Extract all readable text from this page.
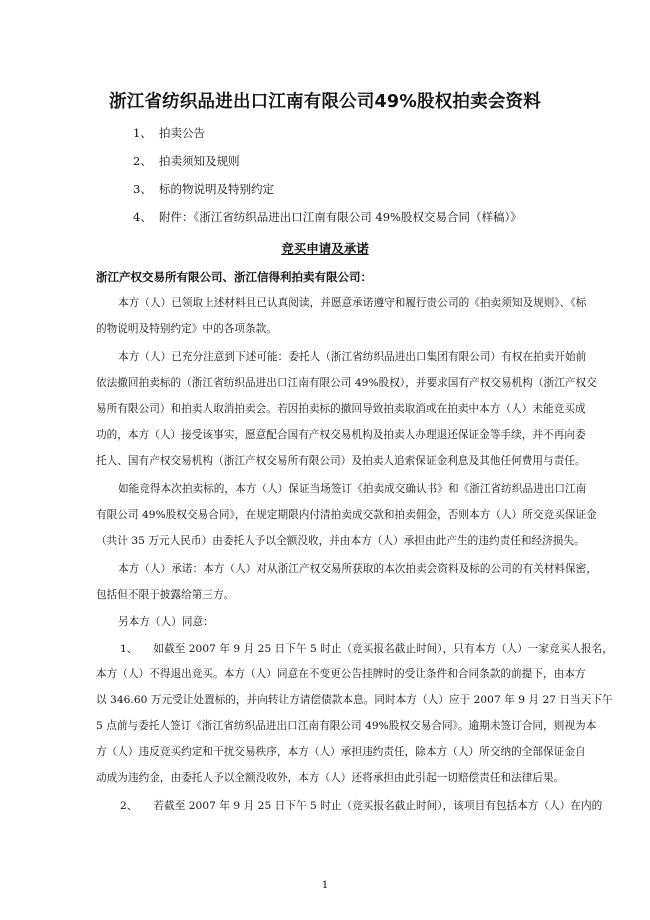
浙江省纺织品进出口江南有限公司49%股权拍卖会资料
1、 拍卖公告
2、 拍卖须知及规则
3、 标的物说明及特别约定
4、 附件：《浙江省纺织品进出口江南有限公司 49%股权交易合同（样稿）》
竞买申请及承诺
浙江产权交易所有限公司、浙江信得利拍卖有限公司：
本方（人）已领取上述材料且已认真阅读，并愿意承诺遵守和履行贵公司的《拍卖须知及规则》、《标
的物说明及特别约定》中的各项条款。
本方（人）已充分注意到下述可能：委托人（浙江省纺织品进出口集团有限公司）有权在拍卖开始前
依法撤回拍卖标的（浙江省纺织品进出口江南有限公司 49%股权），并要求国有产权交易机构（浙江产权交
易所有限公司）和拍卖人取消拍卖会。若因拍卖标的撤回导致拍卖取消或在拍卖中本方（人）未能竞买成
功的，本方（人）接受该事实，愿意配合国有产权交易机构及拍卖人办理退还保证金等手续，并不再向委
托人、国有产权交易机构（浙江产权交易所有限公司）及拍卖人追索保证金利息及其他任何费用与责任。
如能竞得本次拍卖标的，本方（人）保证当场签订《拍卖成交确认书》和《浙江省纺织品进出口江南
有限公司 49%股权交易合同》，在规定期限内付清拍卖成交款和拍卖佣金，否则本方（人）所交竞买保证金
（共计 35 万元人民币）由委托人予以全额没收，并由本方（人）承担由此产生的违约责任和经济损失。
本方（人）承诺：本方（人）对从浙江产权交易所获取的本次拍卖会资料及标的公司的有关材料保密，
包括但不限于披露给第三方。
另本方（人）同意：
1、　　如截至 2007 年 9 月 25 日下午 5 时止（竞买报名截止时间），只有本方（人）一家竞买人报名，
本方（人）不得退出竞买。本方（人）同意在不变更公告挂牌时的受让条件和合同条款的前提下，由本方
以 346.60 万元受让处置标的，并向转让方请偿债款本息。同时本方（人）应于 2007 年 9 月 27 日当天下午
5 点前与委托人签订《浙江省纺织品进出口江南有限公司 49%股权交易合同》。逾期未签订合同，则视为本
方（人）违反竞买约定和干扰交易秩序，本方（人）承担违约责任，除本方（人）所交纳的全部保证金自
动成为违约金，由委托人予以全额没收外，本方（人）还将承担由此引起一切赔偿责任和法律后果。
2、　　若截至 2007 年 9 月 25 日下午 5 时止（竞买报名截止时间），该项目有包括本方（人）在内的
1
